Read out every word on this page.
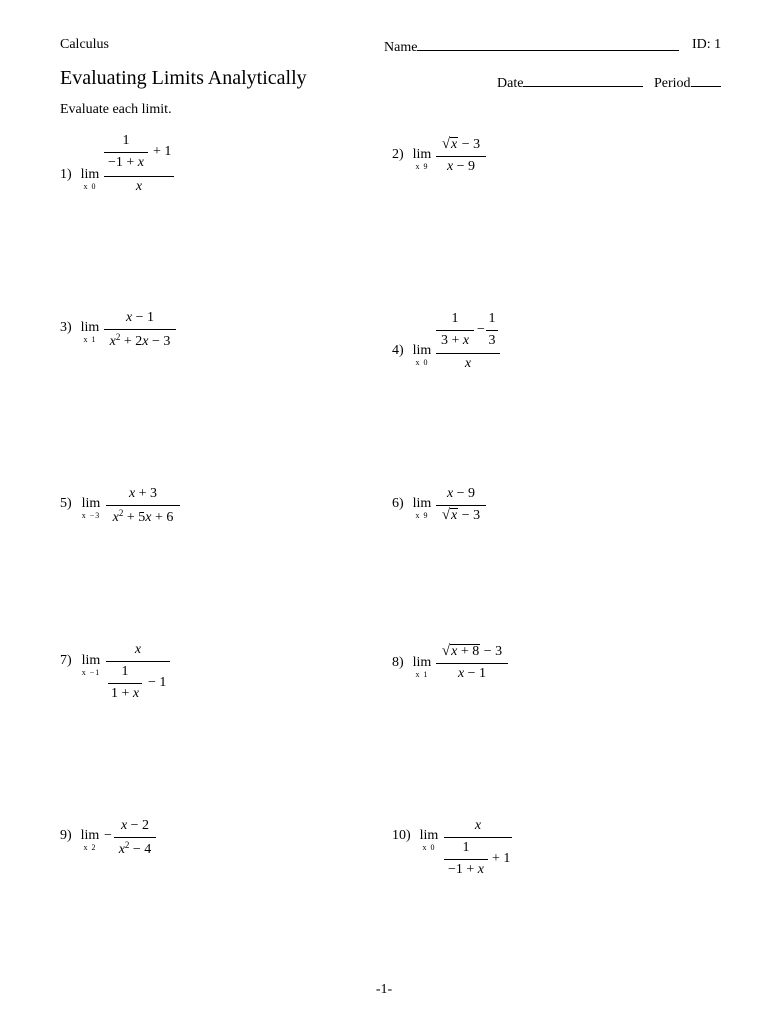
Calculus	Name	ID: 1
Evaluating Limits Analytically	Date	Period
Evaluate each limit.
1) lim
x 0
1
−1 + x
+ 1
x
2) lim
x 9
√x − 3
x − 9
3) lim
x 1
x − 1
$x^2 + 2x - 3$
4) lim
x 0
1
3 + x
−
1
3
x
5) lim
x −3
x + 3
$x^2 + 5x + 6$
6) lim
x 9
x − 9
√x − 3
7) lim
x −1
x
1
1 + x
− 1
8) lim
x 1
√x + 8 − 3
x − 1
9) lim
x 2
−
x − 2
$x^2 - 4$
10) lim
x 0
x
1
−1 + x
+ 1
-1-
